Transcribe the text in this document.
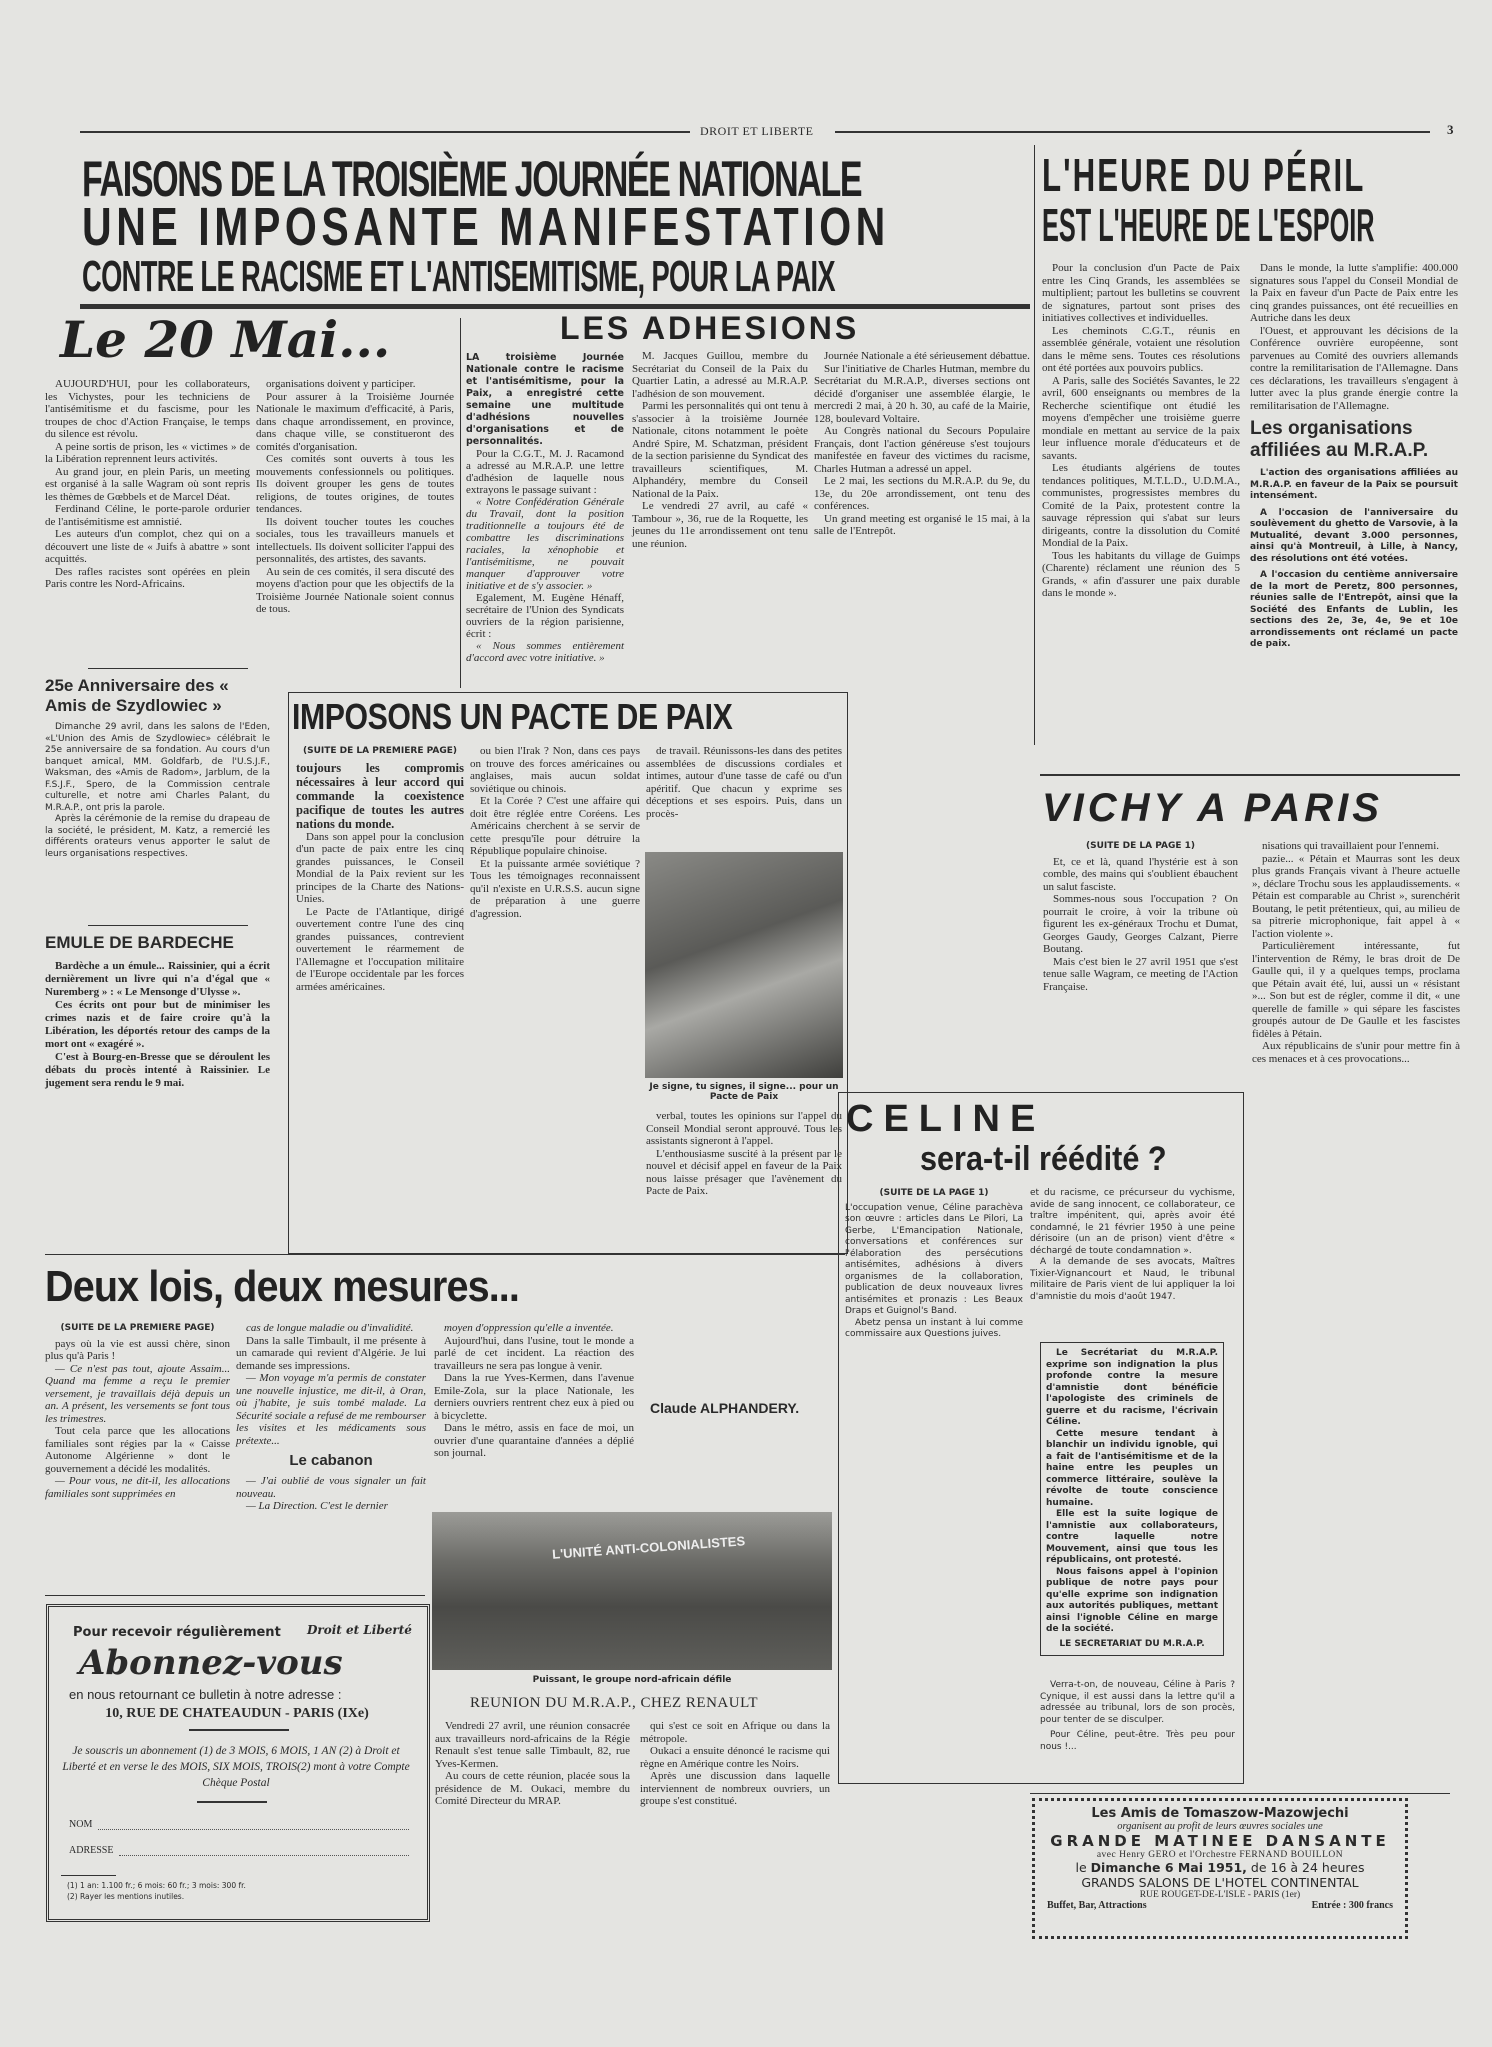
DROIT ET LIBERTE	3
FAISONS DE LA TROISIÈME JOURNÉE NATIONALE
UNE IMPOSANTE MANIFESTATION
CONTRE LE RACISME ET L'ANTISEMITISME, POUR LA PAIX
L'HEURE DU PÉRIL
EST L'HEURE DE L'ESPOIR

Pour la conclusion d'un Pacte de Paix entre les Cinq Grands, les assemblées se multiplient; partout les bulletins se couvrent de signatures, partout sont prises des initiatives collectives et individuelles.

Les cheminots C.G.T., réunis en assemblée générale, votaient une résolution dans le même sens. Toutes ces résolutions ont été portées aux pouvoirs publics.

A Paris, salle des Sociétés Savantes, le 22 avril, 600 enseignants ou membres de la Recherche scientifique ont étudié les moyens d'empêcher une troisième guerre mondiale en mettant au service de la paix leur influence morale d'éducateurs et de savants.

Les étudiants algériens de toutes tendances politiques, M.T.L.D., U.D.M.A., communistes, progressistes membres du Comité de la Paix, protestent contre la sauvage répression qui s'abat sur leurs dirigeants, contre la dissolution du Comité Mondial de la Paix.

Tous les habitants du village de Guimps (Charente) réclament une réunion des 5 Grands, « afin d'assurer une paix durable dans le monde ».

Dans le monde, la lutte s'amplifie: 400.000 signatures sous l'appel du Conseil Mondial de la Paix en faveur d'un Pacte de Paix entre les cinq grandes puissances, ont été recueillies en Autriche dans les deux

l'Ouest, et approuvant les décisions de la Conférence ouvrière européenne, sont parvenues au Comité des ouvriers allemands contre la remilitarisation de l'Allemagne. Dans ces déclarations, les travailleurs s'engagent à lutter avec la plus grande énergie contre la remilitarisation de l'Allemagne.

Les organisations affiliées au M.R.A.P.

L'action des organisations affiliées au M.R.A.P. en faveur de la Paix se poursuit intensément.

A l'occasion de l'anniversaire du soulèvement du ghetto de Varsovie, à la Mutualité, devant 3.000 personnes, ainsi qu'à Montreuil, à Lille, à Nancy, des résolutions ont été votées.

A l'occasion du centième anniversaire de la mort de Peretz, 800 personnes, réunies salle de l'Entrepôt, ainsi que la Société des Enfants de Lublin, les sections des 2e, 3e, 4e, 9e et 10e arrondissements ont réclamé un pacte de paix.

Le 20 Mai...

AUJOURD'HUI, pour les collaborateurs, les Vichystes, pour les techniciens de l'antisémitisme et du fascisme, pour les troupes de choc d'Action Française, le temps du silence est révolu.

A peine sortis de prison, les « victimes » de la Libération reprennent leurs activités.

Au grand jour, en plein Paris, un meeting est organisé à la salle Wagram où sont repris les thèmes de Gœbbels et de Marcel Déat.

Ferdinand Céline, le porte-parole ordurier de l'antisémitisme est amnistié.

Les auteurs d'un complot, chez qui on a découvert une liste de « Juifs à abattre » sont acquittés.

Des rafles racistes sont opérées en plein Paris contre les Nord-Africains.

organisations doivent y participer.

Pour assurer à la Troisième Journée Nationale le maximum d'efficacité, à Paris, dans chaque arrondissement, en province, dans chaque ville, se constitueront des comités d'organisation.

Ces comités sont ouverts à tous les mouvements confessionnels ou politiques. Ils doivent grouper les gens de toutes religions, de toutes origines, de toutes tendances.

Ils doivent toucher toutes les couches sociales, tous les travailleurs manuels et intellectuels. Ils doivent solliciter l'appui des personnalités, des artistes, des savants.

Au sein de ces comités, il sera discuté des moyens d'action pour que les objectifs de la Troisième Journée Nationale soient connus de tous.

LES ADHESIONS

LA troisième Journée Nationale contre le racisme et l'antisémitisme, pour la Paix, a enregistré cette semaine une multitude d'adhésions nouvelles d'organisations et de personnalités.

Pour la C.G.T., M. J. Racamond a adressé au M.R.A.P. une lettre d'adhésion de laquelle nous extrayons le passage suivant :

« Notre Confédération Générale du Travail, dont la position traditionnelle a toujours été de combattre les discriminations raciales, la xénophobie et l'antisémitisme, ne pouvait manquer d'approuver votre initiative et de s'y associer. »

Egalement, M. Eugène Hénaff, secrétaire de l'Union des Syndicats ouvriers de la région parisienne, écrit :

« Nous sommes entièrement d'accord avec votre initiative. »

M. Jacques Guillou, membre du Secrétariat du Conseil de la Paix du Quartier Latin, a adressé au M.R.A.P. l'adhésion de son mouvement.

Parmi les personnalités qui ont tenu à s'associer à la troisième Journée Nationale, citons notamment le poète André Spire, M. Schatzman, président de la section parisienne du Syndicat des travailleurs scientifiques, M. Alphandéry, membre du Conseil National de la Paix.

Le vendredi 27 avril, au café « Tambour », 36, rue de la Roquette, les jeunes du 11e arrondissement ont tenu une réunion.

Journée Nationale a été sérieusement débattue.

Sur l'initiative de Charles Hutman, membre du Secrétariat du M.R.A.P., diverses sections ont décidé d'organiser une assemblée élargie, le mercredi 2 mai, à 20 h. 30, au café de la Mairie, 128, boulevard Voltaire.

Au Congrès national du Secours Populaire Français, dont l'action généreuse s'est toujours manifestée en faveur des victimes du racisme, Charles Hutman a adressé un appel.

Le 2 mai, les sections du M.R.A.P. du 9e, du 13e, du 20e arrondissement, ont tenu des conférences.

Un grand meeting est organisé le 15 mai, à la salle de l'Entrepôt.

25e Anniversaire des « Amis de Szydlowiec »

Dimanche 29 avril, dans les salons de l'Eden, «L'Union des Amis de Szydlowiec» célébrait le 25e anniversaire de sa fondation. Au cours d'un banquet amical, MM. Goldfarb, de l'U.S.J.F., Waksman, des «Amis de Radom», Jarblum, de la F.S.J.F., Spero, de la Commission centrale culturelle, et notre ami Charles Palant, du M.R.A.P., ont pris la parole.

Après la cérémonie de la remise du drapeau de la société, le président, M. Katz, a remercié les différents orateurs venus apporter le salut de leurs organisations respectives.

EMULE DE BARDECHE

Bardèche a un émule... Raissinier, qui a écrit dernièrement un livre qui n'a d'égal que « Nuremberg » : « Le Mensonge d'Ulysse ».

Ces écrits ont pour but de minimiser les crimes nazis et de faire croire qu'à la Libération, les déportés retour des camps de la mort ont « exagéré ».

C'est à Bourg-en-Bresse que se déroulent les débats du procès intenté à Raissinier. Le jugement sera rendu le 9 mai.

IMPOSONS UN PACTE DE PAIX
(SUITE DE LA PREMIERE PAGE)

toujours les compromis nécessaires à leur accord qui commande la coexistence pacifique de toutes les autres nations du monde.

Dans son appel pour la conclusion d'un pacte de paix entre les cinq grandes puissances, le Conseil Mondial de la Paix revient sur les principes de la Charte des Nations-Unies.

Le Pacte de l'Atlantique, dirigé ouvertement contre l'une des cinq grandes puissances, contrevient ouvertement le réarmement de l'Allemagne et l'occupation militaire de l'Europe occidentale par les forces armées américaines.

ou bien l'Irak ? Non, dans ces pays on trouve des forces américaines ou anglaises, mais aucun soldat soviétique ou chinois.

Et la Corée ? C'est une affaire qui doit être réglée entre Coréens. Les Américains cherchent à se servir de cette presqu'île pour détruire la République populaire chinoise.

Et la puissante armée soviétique ? Tous les témoignages reconnaissent qu'il n'existe en U.R.S.S. aucun signe de préparation à une guerre d'agression.

de travail. Réunissons-les dans des petites assemblées de discussions cordiales et intimes, autour d'une tasse de café ou d'un apéritif. Que chacun y exprime ses déceptions et ses espoirs. Puis, dans un procès-

Je signe, tu signes, il signe... pour un Pacte de Paix

verbal, toutes les opinions sur l'appel du Conseil Mondial seront approuvé. Tous les assistants signeront à l'appel.

L'enthousiasme suscité à la présent par le nouvel et décisif appel en faveur de la Paix nous laisse présager que l'avènement du Pacte de Paix.

VICHY A PARIS
(SUITE DE LA PAGE 1)

Et, ce et là, quand l'hystérie est à son comble, des mains qui s'oublient ébauchent un salut fasciste.

Sommes-nous sous l'occupation ? On pourrait le croire, à voir la tribune où figurent les ex-généraux Trochu et Dumat, Georges Gaudy, Georges Calzant, Pierre Boutang.

Mais c'est bien le 27 avril 1951 que s'est tenue salle Wagram, ce meeting de l'Action Française.

nisations qui travaillaient pour l'ennemi.

pazie... « Pétain et Maurras sont les deux plus grands Français vivant à l'heure actuelle », déclare Trochu sous les applaudissements. « Pétain est comparable au Christ », surenchérit Boutang, le petit prétentieux, qui, au milieu de sa pitrerie microphonique, fait appel à « l'action violente ».

Particulièrement intéressante, fut l'intervention de Rémy, le bras droit de De Gaulle qui, il y a quelques temps, proclama que Pétain avait été, lui, aussi un « résistant »... Son but est de régler, comme il dit, « une querelle de famille » qui sépare les fascistes groupés autour de De Gaulle et les fascistes fidèles à Pétain.

Aux républicains de s'unir pour mettre fin à ces menaces et à ces provocations...

CELINE
sera-t-il réédité ?
(SUITE DE LA PAGE 1)

L'occupation venue, Céline parachèva son œuvre : articles dans Le Pilori, La Gerbe, L'Emancipation Nationale, conversations et conférences sur l'élaboration des persécutions antisémites, adhésions à divers organismes de la collaboration, publication de deux nouveaux livres antisémites et pronazis : Les Beaux Draps et Guignol's Band.

Abetz pensa un instant à lui comme commissaire aux Questions juives.

et du racisme, ce précurseur du vychisme, avide de sang innocent, ce collaborateur, ce traître impénitent, qui, après avoir été condamné, le 21 février 1950 à une peine dérisoire (un an de prison) vient d'être « déchargé de toute condamnation ».

A la demande de ses avocats, Maîtres Tixier-Vignancourt et Naud, le tribunal militaire de Paris vient de lui appliquer la loi d'amnistie du mois d'août 1947.

Le Secrétariat du M.R.A.P. exprime son indignation la plus profonde contre la mesure d'amnistie dont bénéficie l'apologiste des criminels de guerre et du racisme, l'écrivain Céline.

Cette mesure tendant à blanchir un individu ignoble, qui a fait de l'antisémitisme et de la haine entre les peuples un commerce littéraire, soulève la révolte de toute conscience humaine.

Elle est la suite logique de l'amnistie aux collaborateurs, contre laquelle notre Mouvement, ainsi que tous les républicains, ont protesté.

Nous faisons appel à l'opinion publique de notre pays pour qu'elle exprime son indignation aux autorités publiques, mettant ainsi l'ignoble Céline en marge de la société.

LE SECRETARIAT DU M.R.A.P.

Verra-t-on, de nouveau, Céline à Paris ? Cynique, il est aussi dans la lettre qu'il a adressée au tribunal, lors de son procès, pour tenter de se disculper.

Pour Céline, peut-être. Très peu pour nous !...

Deux lois, deux mesures...
(SUITE DE LA PREMIERE PAGE)

pays où la vie est aussi chère, sinon plus qu'à Paris !

— Ce n'est pas tout, ajoute Assaim... Quand ma femme a reçu le premier versement, je travaillais déjà depuis un an. A présent, les versements se font tous les trimestres.

Tout cela parce que les allocations familiales sont régies par la « Caisse Autonome Algérienne » dont le gouvernement a décidé les modalités.

— Pour vous, ne dit-il, les allocations familiales sont supprimées en

cas de longue maladie ou d'invalidité.

Dans la salle Timbault, il me présente à un camarade qui revient d'Algérie. Je lui demande ses impressions.

— Mon voyage m'a permis de constater une nouvelle injustice, me dit-il, à Oran, où j'habite, je suis tombé malade. La Sécurité sociale a refusé de me rembourser les visites et les médicaments sous prétexte...

Le cabanon

— J'ai oublié de vous signaler un fait nouveau.

— La Direction. C'est le dernier

moyen d'oppression qu'elle a inventée.

Aujourd'hui, dans l'usine, tout le monde a parlé de cet incident. La réaction des travailleurs ne sera pas longue à venir.

Dans la rue Yves-Kermen, dans l'avenue Emile-Zola, sur la place Nationale, les derniers ouvriers rentrent chez eux à pied ou à bicyclette.

Dans le métro, assis en face de moi, un ouvrier d'une quarantaine d'années a déplié son journal.

Claude ALPHANDERY.
L'UNITÉ ANTI-COLONIALISTES
Puissant, le groupe nord-africain défile
REUNION DU M.R.A.P., CHEZ RENAULT

Vendredi 27 avril, une réunion consacrée aux travailleurs nord-africains de la Régie Renault s'est tenue salle Timbault, 82, rue Yves-Kermen.

Au cours de cette réunion, placée sous la présidence de M. Oukaci, membre du Comité Directeur du MRAP.

qui s'est ce soit en Afrique ou dans la métropole.

Oukaci a ensuite dénoncé le racisme qui règne en Amérique contre les Noirs.

Après une discussion dans laquelle interviennent de nombreux ouvriers, un groupe s'est constitué.

Pour recevoir régulièrement Droit et Liberté
Abonnez-vous
en nous retournant ce bulletin à notre adresse :
10, RUE DE CHATEAUDUN - PARIS (IXe)
Je souscris un abonnement (1) de 3 MOIS, 6 MOIS, 1 AN (2) à Droit et Liberté et en verse le des MOIS, SIX MOIS, TROIS(2) mont à votre Compte Chèque Postal
NOM
ADRESSE
(1) 1 an: 1.100 fr.; 6 mois: 60 fr.; 3 mois: 300 fr.
(2) Rayer les mentions inutiles.
Les Amis de Tomaszow-Mazowjechi
organisent au profit de leurs œuvres sociales une
GRANDE MATINEE DANSANTE
avec Henry GERO et l'Orchestre FERNAND BOUILLON
le Dimanche 6 Mai 1951, de 16 à 24 heures
GRANDS SALONS DE L'HOTEL CONTINENTAL
RUE ROUGET-DE-L'ISLE - PARIS (1er)
Buffet, Bar, Attractions	Entrée : 300 francs
